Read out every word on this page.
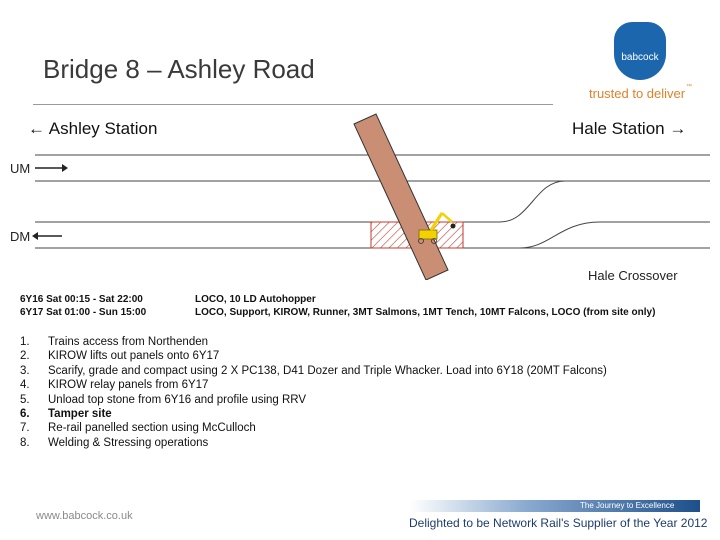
Bridge 8 – Ashley Road	babcock
trusted to deliver ™
← Ashley Station	Hale Station →
UM
DM
Hale Crossover
6Y16 Sat 00:15 - Sat 22:00	LOCO, 10 LD Autohopper
6Y17 Sat 01:00 - Sun 15:00	LOCO, Support, KIROW, Runner, 3MT Salmons, 1MT Tench, 10MT Falcons, LOCO (from site only)
1. Trains access from Northenden
2. KIROW lifts out panels onto 6Y17
3. Scarify, grade and compact using 2 X PC138, D41 Dozer and Triple Whacker. Load into 6Y18 (20MT Falcons)
4. KIROW relay panels from 6Y17
5. Unload top stone from 6Y16 and profile using RRV
6. Tamper site
7. Re-rail panelled section using McCulloch
8. Welding & Stressing operations
www.babcock.co.uk
The Journey to Excellence
Delighted to be Network Rail's Supplier of the Year 2012
